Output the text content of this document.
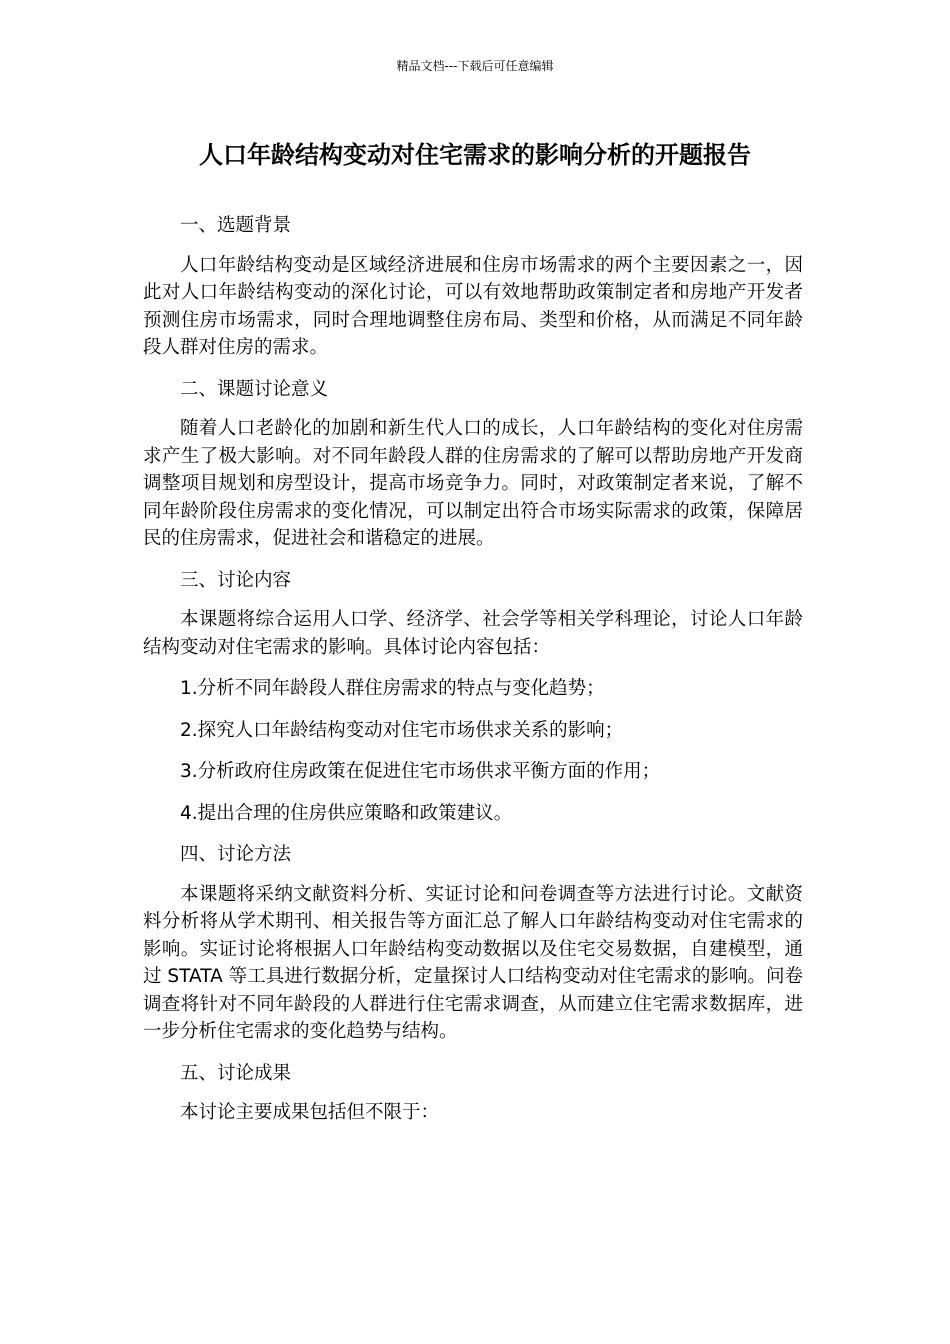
精品文档---下载后可任意编辑
人口年龄结构变动对住宅需求的影响分析的开题报告

一、选题背景

人口年龄结构变动是区域经济进展和住房市场需求的两个主要因素之一，因此对人口年龄结构变动的深化讨论，可以有效地帮助政策制定者和房地产开发者预测住房市场需求，同时合理地调整住房布局、类型和价格，从而满足不同年龄段人群对住房的需求。

二、课题讨论意义

随着人口老龄化的加剧和新生代人口的成长，人口年龄结构的变化对住房需求产生了极大影响。对不同年龄段人群的住房需求的了解可以帮助房地产开发商调整项目规划和房型设计，提高市场竞争力。同时，对政策制定者来说，了解不同年龄阶段住房需求的变化情况，可以制定出符合市场实际需求的政策，保障居民的住房需求，促进社会和谐稳定的进展。

三、讨论内容

本课题将综合运用人口学、经济学、社会学等相关学科理论，讨论人口年龄结构变动对住宅需求的影响。具体讨论内容包括：

1.分析不同年龄段人群住房需求的特点与变化趋势；

2.探究人口年龄结构变动对住宅市场供求关系的影响；

3.分析政府住房政策在促进住宅市场供求平衡方面的作用；

4.提出合理的住房供应策略和政策建议。

四、讨论方法

本课题将采纳文献资料分析、实证讨论和问卷调查等方法进行讨论。文献资料分析将从学术期刊、相关报告等方面汇总了解人口年龄结构变动对住宅需求的影响。实证讨论将根据人口年龄结构变动数据以及住宅交易数据，自建模型，通过 STATA 等工具进行数据分析，定量探讨人口结构变动对住宅需求的影响。问卷调查将针对不同年龄段的人群进行住宅需求调查，从而建立住宅需求数据库，进一步分析住宅需求的变化趋势与结构。

五、讨论成果

本讨论主要成果包括但不限于：
